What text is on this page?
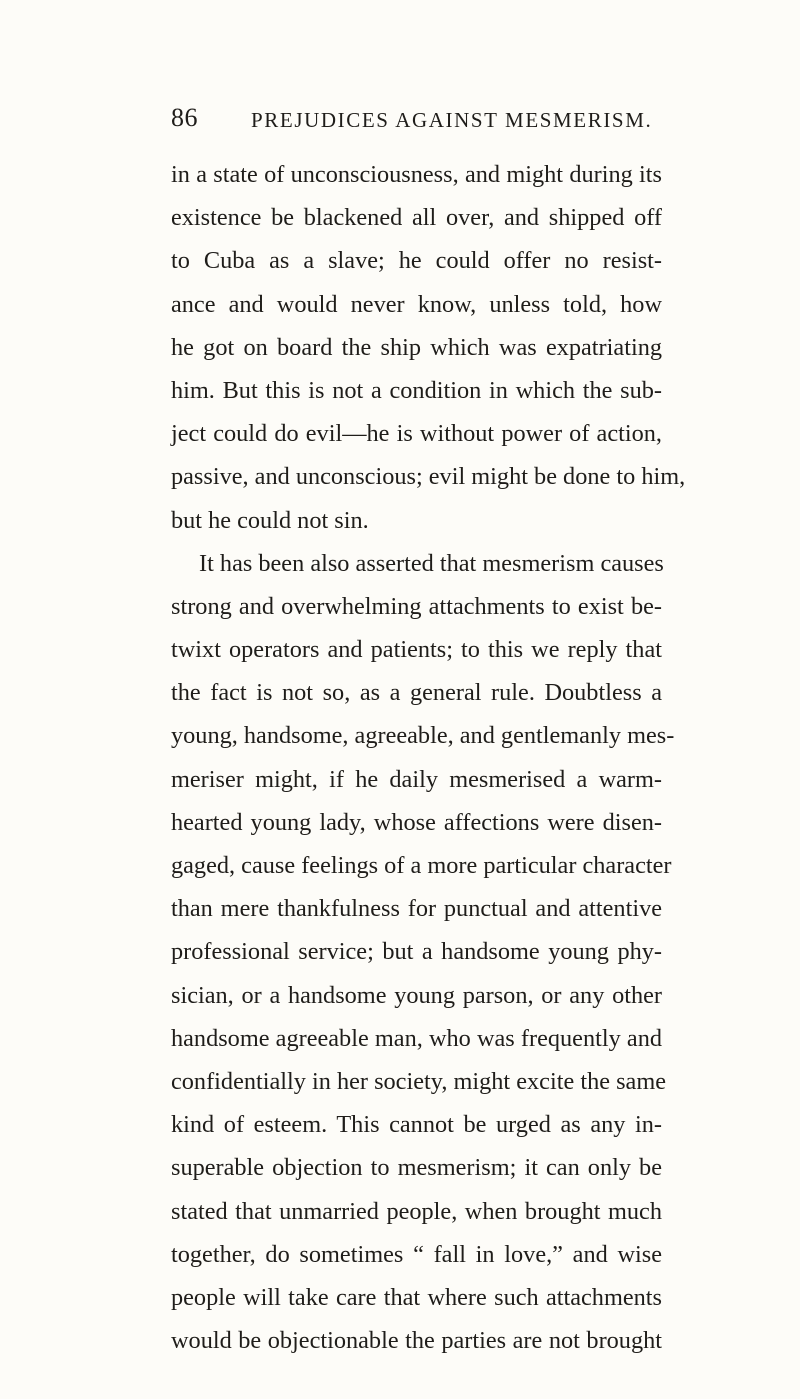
86	PREJUDICES AGAINST MESMERISM.
in a state of unconsciousness, and might during its
existence be blackened all over, and shipped off
to Cuba as a slave; he could offer no resist-
ance and would never know, unless told, how
he got on board the ship which was expatriating
him. But this is not a condition in which the sub-
ject could do evil—he is without power of action,
passive, and unconscious; evil might be done to him,
but he could not sin.
It has been also asserted that mesmerism causes
strong and overwhelming attachments to exist be-
twixt operators and patients; to this we reply that
the fact is not so, as a general rule. Doubtless a
young, handsome, agreeable, and gentlemanly mes-
meriser might, if he daily mesmerised a warm-
hearted young lady, whose affections were disen-
gaged, cause feelings of a more particular character
than mere thankfulness for punctual and attentive
professional service; but a handsome young phy-
sician, or a handsome young parson, or any other
handsome agreeable man, who was frequently and
confidentially in her society, might excite the same
kind of esteem. This cannot be urged as any in-
superable objection to mesmerism; it can only be
stated that unmarried people, when brought much
together, do sometimes “ fall in love,” and wise
people will take care that where such attachments
would be objectionable the parties are not brought
